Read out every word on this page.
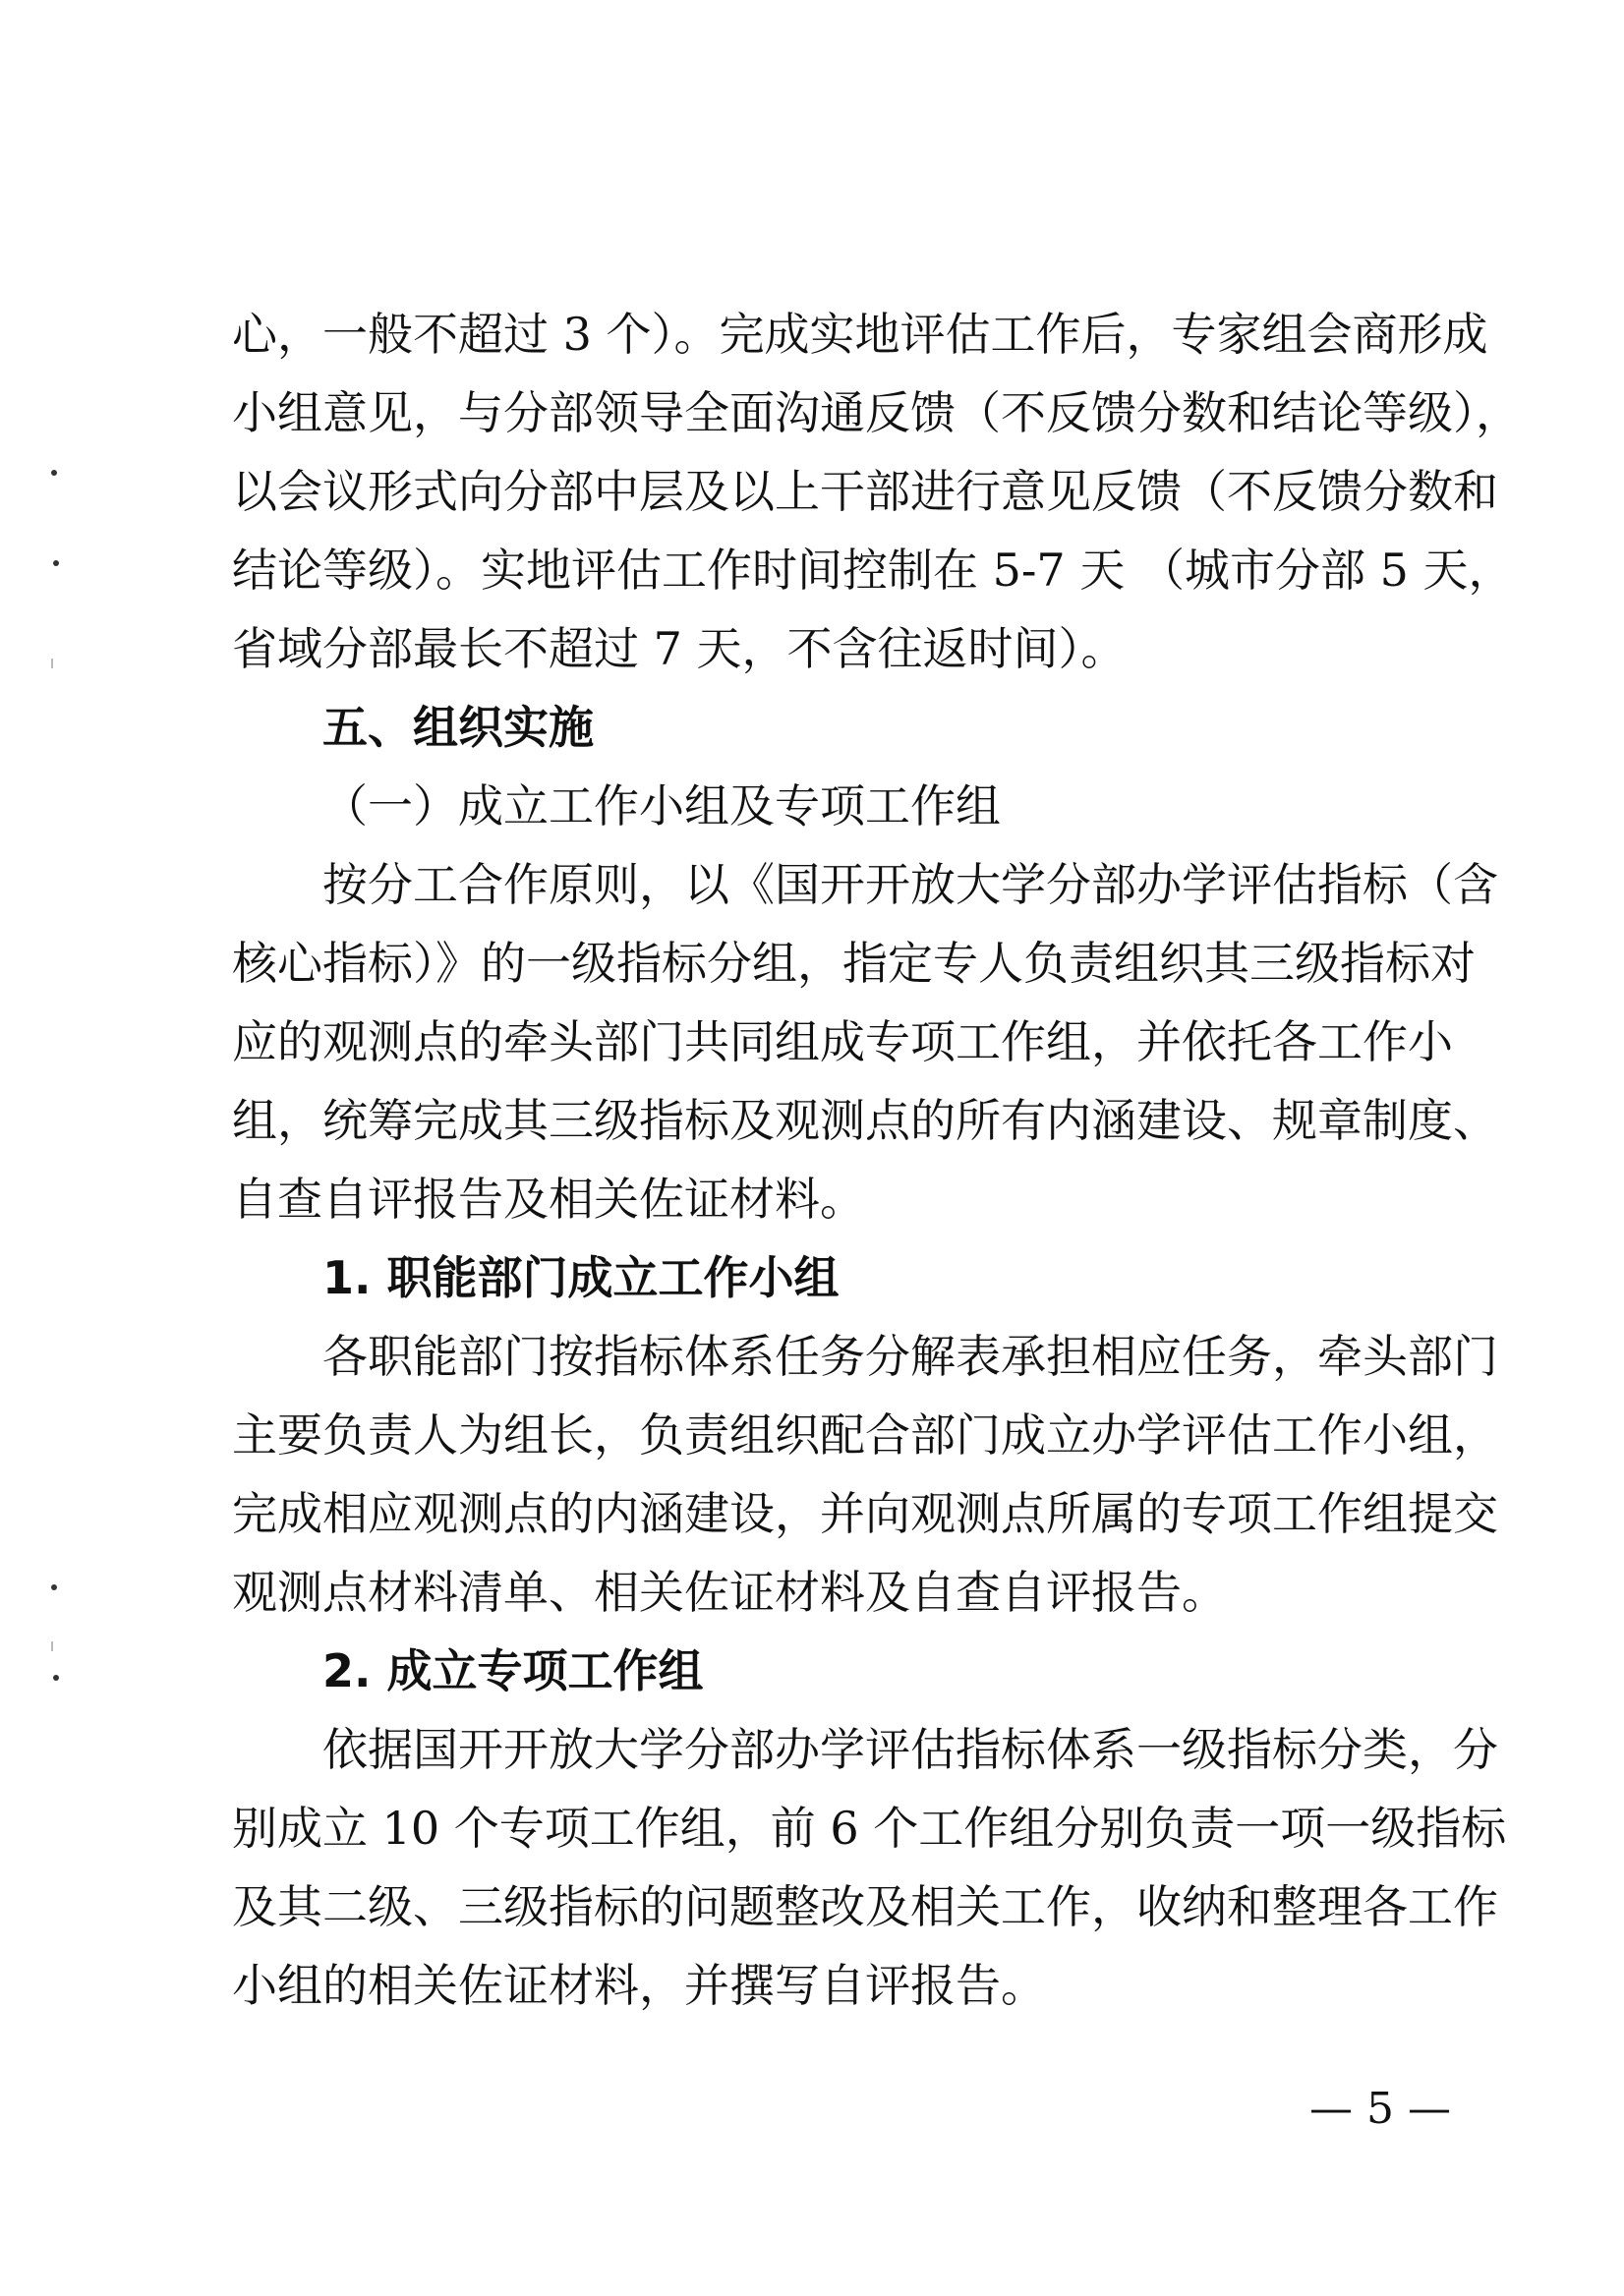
心，一般不超过 3 个）。完成实地评估工作后，专家组会商形成
小组意见，与分部领导全面沟通反馈（不反馈分数和结论等级），
以会议形式向分部中层及以上干部进行意见反馈（不反馈分数和
结论等级）。实地评估工作时间控制在 5-7 天 （城市分部 5 天，
省域分部最长不超过 7 天，不含往返时间）。
五、组织实施
（一）成立工作小组及专项工作组
按分工合作原则，以《国开开放大学分部办学评估指标（含
核心指标）》的一级指标分组，指定专人负责组织其三级指标对
应的观测点的牵头部门共同组成专项工作组，并依托各工作小
组，统筹完成其三级指标及观测点的所有内涵建设、规章制度、
自查自评报告及相关佐证材料。
1. 职能部门成立工作小组
各职能部门按指标体系任务分解表承担相应任务，牵头部门
主要负责人为组长，负责组织配合部门成立办学评估工作小组，
完成相应观测点的内涵建设，并向观测点所属的专项工作组提交
观测点材料清单、相关佐证材料及自查自评报告。
2. 成立专项工作组
依据国开开放大学分部办学评估指标体系一级指标分类，分
别成立 10 个专项工作组，前 6 个工作组分别负责一项一级指标
及其二级、三级指标的问题整改及相关工作，收纳和整理各工作
小组的相关佐证材料，并撰写自评报告。
— 5 —
